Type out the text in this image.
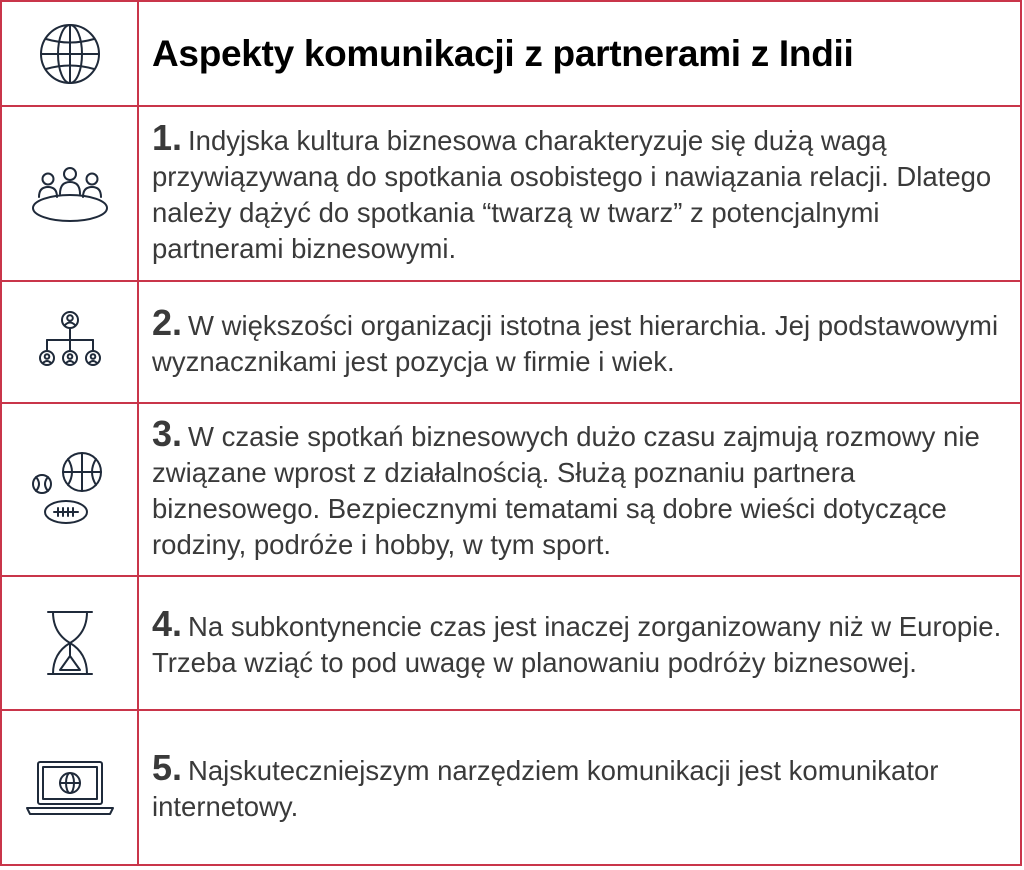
Aspekty komunikacji z partnerami z Indii
1. Indyjska kultura biznesowa charakteryzuje się dużą wagą przywiązywaną do spotkania osobistego i nawiązania relacji. Dlatego należy dążyć do spotkania “twarzą w twarz” z potencjalnymi partnerami biznesowymi.
2. W większości organizacji istotna jest hierarchia. Jej podstawowymi wyznacznikami jest pozycja w firmie i wiek.
3. W czasie spotkań biznesowych dużo czasu zajmują rozmowy nie związane wprost z działalnością. Służą poznaniu partnera biznesowego. Bezpiecznymi tematami są dobre wieści dotyczące rodziny, podróże i hobby, w tym sport.
4. Na subkontynencie czas jest inaczej zorganizowany niż w Europie. Trzeba wziąć to pod uwagę w planowaniu podróży biznesowej.
5. Najskuteczniejszym narzędziem komunikacji jest komunikator internetowy.
